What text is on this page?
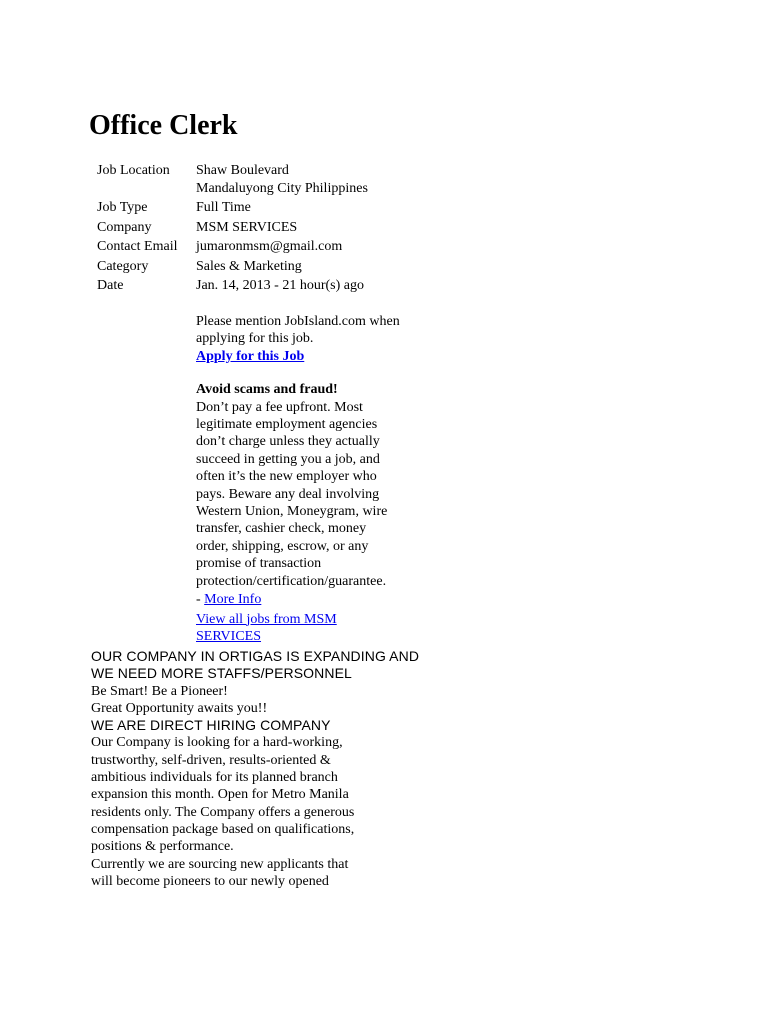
Office Clerk
Job Location	Shaw Boulevard
Mandaluyong City Philippines
Job Type	Full Time
Company	MSM SERVICES
Contact Email	jumaronmsm@gmail.com
Category	Sales & Marketing
Date	Jan. 14, 2013 - 21 hour(s) ago
Please mention JobIsland.com when
applying for this job.
Apply for this Job
Avoid scams and fraud!
Don’t pay a fee upfront. Most
legitimate employment agencies
don’t charge unless they actually
succeed in getting you a job, and
often it’s the new employer who
pays. Beware any deal involving
Western Union, Moneygram, wire
transfer, cashier check, money
order, shipping, escrow, or any
promise of transaction
protection/certification/guarantee.
- More Info
View all jobs from MSM
SERVICES

OUR COMPANY IN ORTIGAS IS EXPANDING AND

WE NEED MORE STAFFS/PERSONNEL

Be Smart! Be a Pioneer!

Great Opportunity awaits you!!

WE ARE DIRECT HIRING COMPANY

Our Company is looking for a hard-working,

trustworthy, self-driven, results-oriented &

ambitious individuals for its planned branch

expansion this month. Open for Metro Manila

residents only. The Company offers a generous

compensation package based on qualifications,

positions & performance.

Currently we are sourcing new applicants that

will become pioneers to our newly opened
